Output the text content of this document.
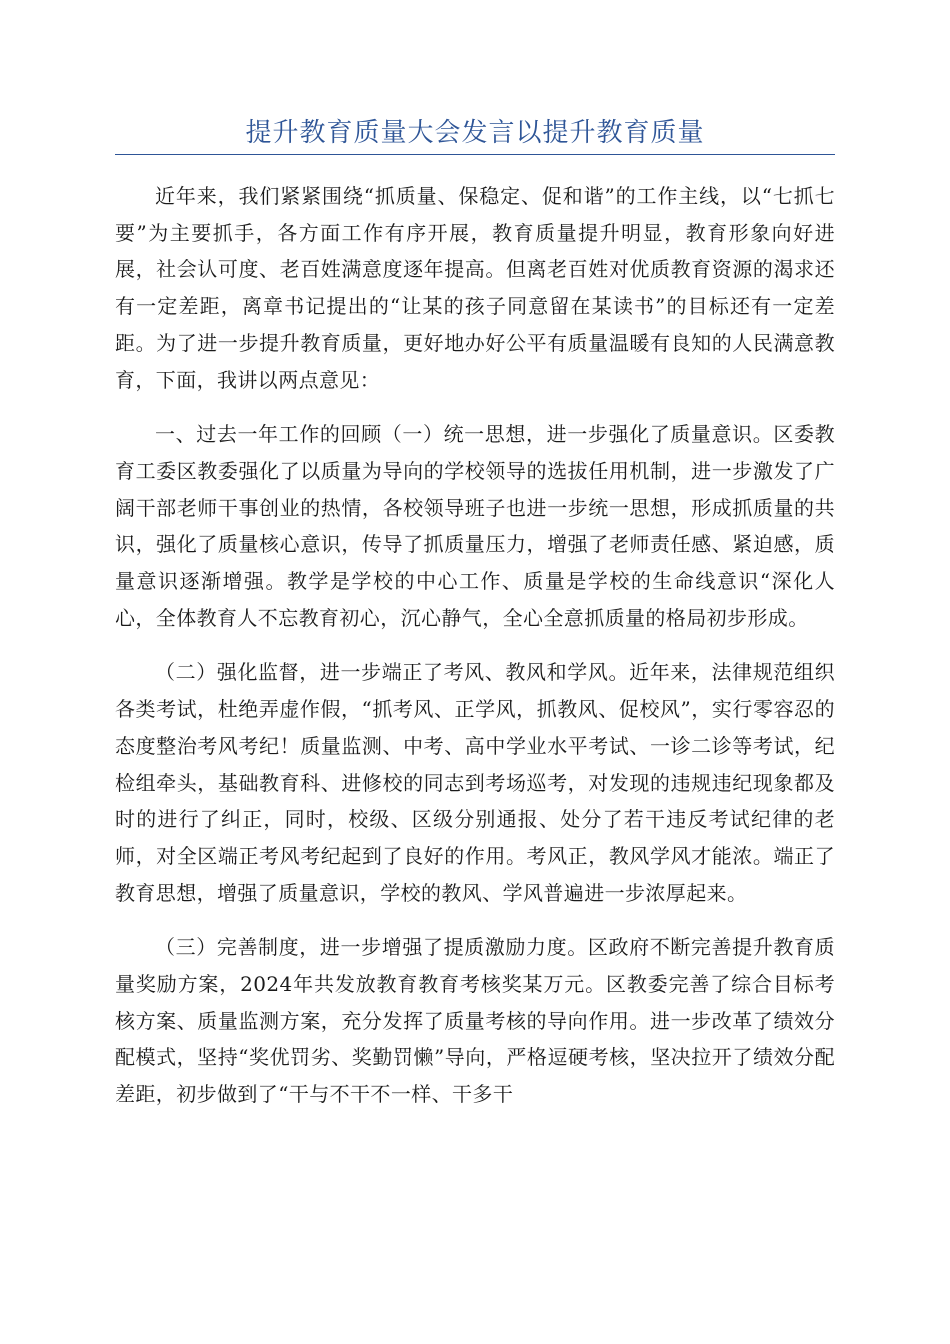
提升教育质量大会发言以提升教育质量

近年来，我们紧紧围绕“抓质量、保稳定、促和谐”的工作主线，以“七抓七要”为主要抓手，各方面工作有序开展，教育质量提升明显，教育形象向好进展，社会认可度、老百姓满意度逐年提高。但离老百姓对优质教育资源的渴求还有一定差距，离章书记提出的“让某的孩子同意留在某读书”的目标还有一定差距。为了进一步提升教育质量，更好地办好公平有质量温暖有良知的人民满意教育，下面，我讲以两点意见：

一、过去一年工作的回顾（一）统一思想，进一步强化了质量意识。区委教育工委区教委强化了以质量为导向的学校领导的选拔任用机制，进一步激发了广阔干部老师干事创业的热情，各校领导班子也进一步统一思想，形成抓质量的共识，强化了质量核心意识，传导了抓质量压力，增强了老师责任感、紧迫感，质量意识逐渐增强。教学是学校的中心工作、质量是学校的生命线意识“深化人心，全体教育人不忘教育初心，沉心静气，全心全意抓质量的格局初步形成。

（二）强化监督，进一步端正了考风、教风和学风。近年来，法律规范组织各类考试，杜绝弄虚作假，“抓考风、正学风，抓教风、促校风”，实行零容忍的态度整治考风考纪！质量监测、中考、高中学业水平考试、一诊二诊等考试，纪检组牵头，基础教育科、进修校的同志到考场巡考，对发现的违规违纪现象都及时的进行了纠正，同时，校级、区级分别通报、处分了若干违反考试纪律的老师，对全区端正考风考纪起到了良好的作用。考风正，教风学风才能浓。端正了教育思想，增强了质量意识，学校的教风、学风普遍进一步浓厚起来。

（三）完善制度，进一步增强了提质激励力度。区政府不断完善提升教育质量奖励方案，2024年共发放教育教育考核奖某万元。区教委完善了综合目标考核方案、质量监测方案，充分发挥了质量考核的导向作用。进一步改革了绩效分配模式，坚持“奖优罚劣、奖勤罚懒”导向，严格逗硬考核，坚决拉开了绩效分配差距，初步做到了“干与不干不一样、干多干
